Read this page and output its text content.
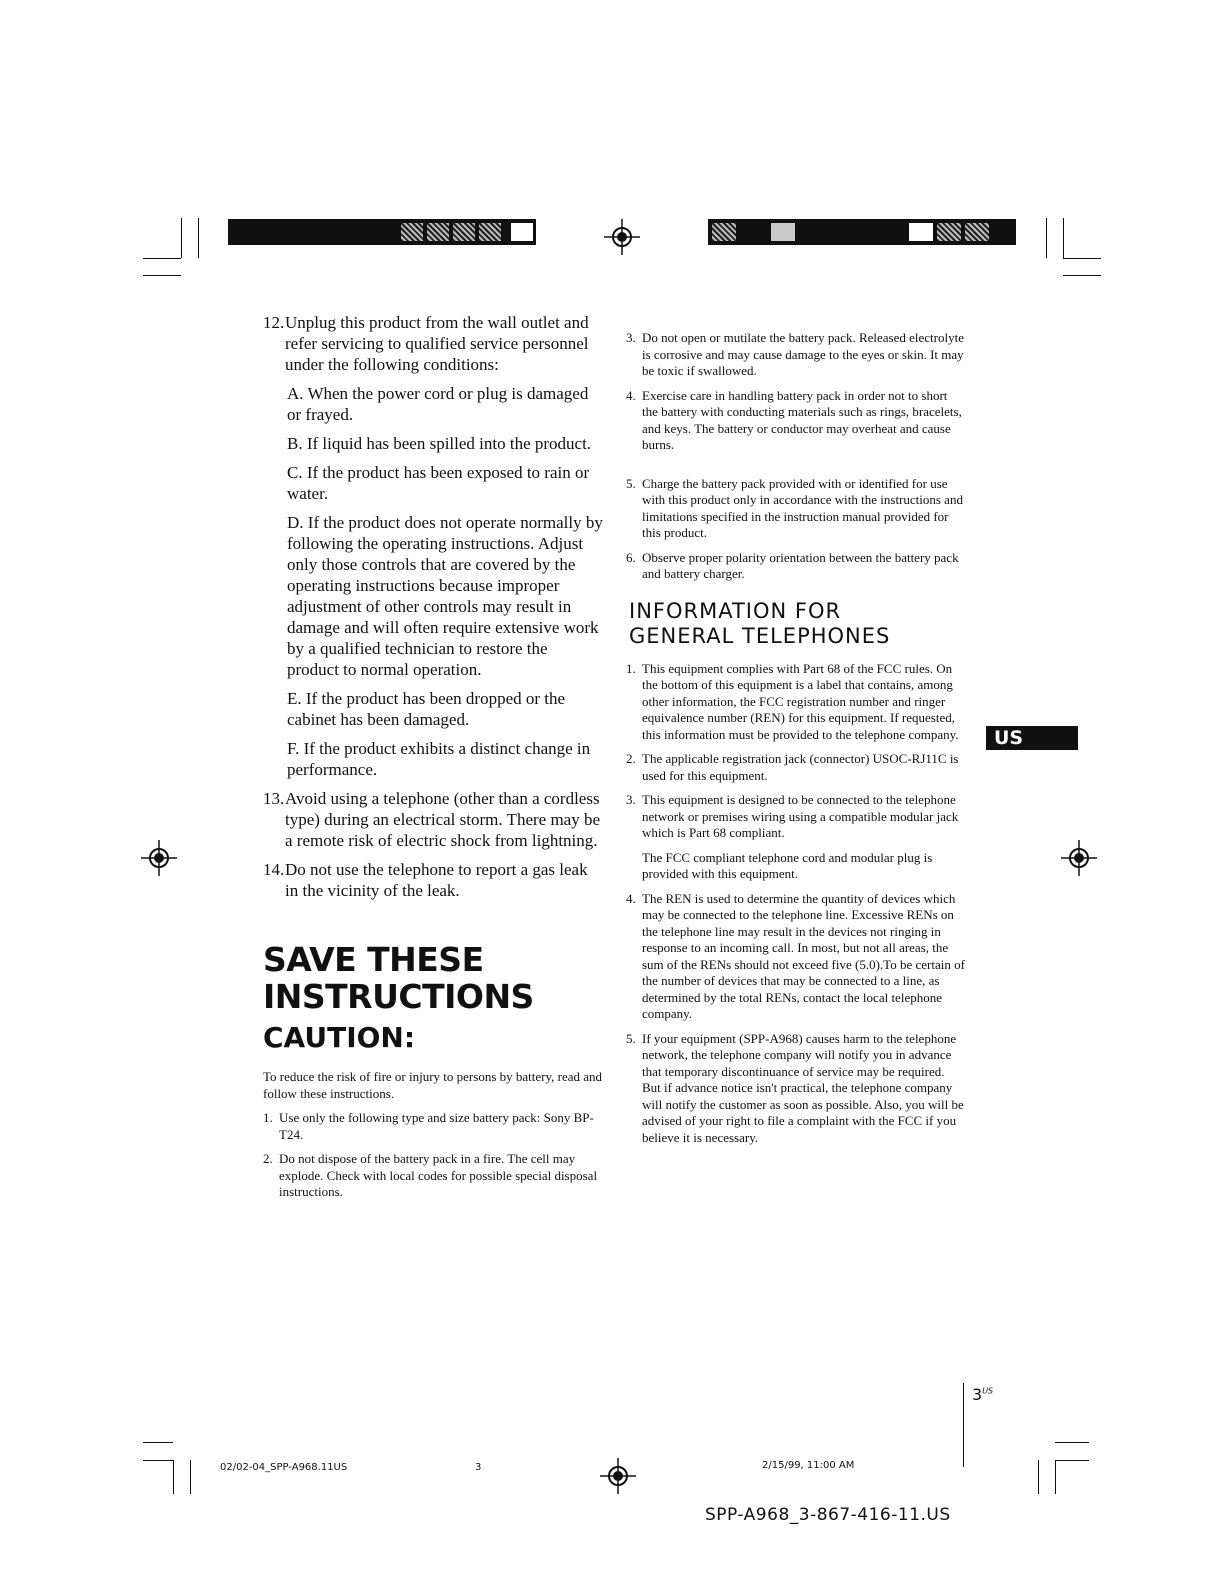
12. Unplug this product from the wall outlet and refer servicing to qualified service personnel under the following conditions:
A. When the power cord or plug is damaged or frayed.
B. If liquid has been spilled into the product.
C. If the product has been exposed to rain or water.
D. If the product does not operate normally by following the operating instructions. Adjust only those controls that are covered by the operating instructions because improper adjustment of other controls may result in damage and will often require extensive work by a qualified technician to restore the product to normal operation.
E. If the product has been dropped or the cabinet has been damaged.
F. If the product exhibits a distinct change in performance.
13. Avoid using a telephone (other than a cordless type) during an electrical storm. There may be a remote risk of electric shock from lightning.
14. Do not use the telephone to report a gas leak in the vicinity of the leak.
SAVE THESE
INSTRUCTIONS
CAUTION:
To reduce the risk of fire or injury to persons by battery, read and follow these instructions.
1. Use only the following type and size battery pack: Sony BP-T24.
2. Do not dispose of the battery pack in a fire. The cell may explode. Check with local codes for possible special disposal instructions.
3. Do not open or mutilate the battery pack. Released electrolyte is corrosive and may cause damage to the eyes or skin. It may be toxic if swallowed.
4. Exercise care in handling battery pack in order not to short the battery with conducting materials such as rings, bracelets, and keys. The battery or conductor may overheat and cause burns.
5. Charge the battery pack provided with or identified for use with this product only in accordance with the instructions and limitations specified in the instruction manual provided for this product.
6. Observe proper polarity orientation between the battery pack and battery charger.
INFORMATION FOR
GENERAL TELEPHONES
1. This equipment complies with Part 68 of the FCC rules. On the bottom of this equipment is a label that contains, among other information, the FCC registration number and ringer equivalence number (REN) for this equipment. If requested, this information must be provided to the telephone company.
2. The applicable registration jack (connector) USOC-RJ11C is used for this equipment.
3. This equipment is designed to be connected to the telephone network or premises wiring using a compatible modular jack which is Part 68 compliant.
The FCC compliant telephone cord and modular plug is provided with this equipment.
4. The REN is used to determine the quantity of devices which may be connected to the telephone line. Excessive RENs on the telephone line may result in the devices not ringing in response to an incoming call. In most, but not all areas, the sum of the RENs should not exceed five (5.0).To be certain of the number of devices that may be connected to a line, as determined by the total RENs, contact the local telephone company.
5. If your equipment (SPP-A968) causes harm to the telephone network, the telephone company will notify you in advance that temporary discontinuance of service may be required. But if advance notice isn't practical, the telephone company will notify the customer as soon as possible. Also, you will be advised of your right to file a complaint with the FCC if you believe it is necessary.
US
$3^{US}$
02/02-04_SPP-A968.11US	3	2/15/99, 11:00 AM
SPP-A968_3-867-416-11.US
